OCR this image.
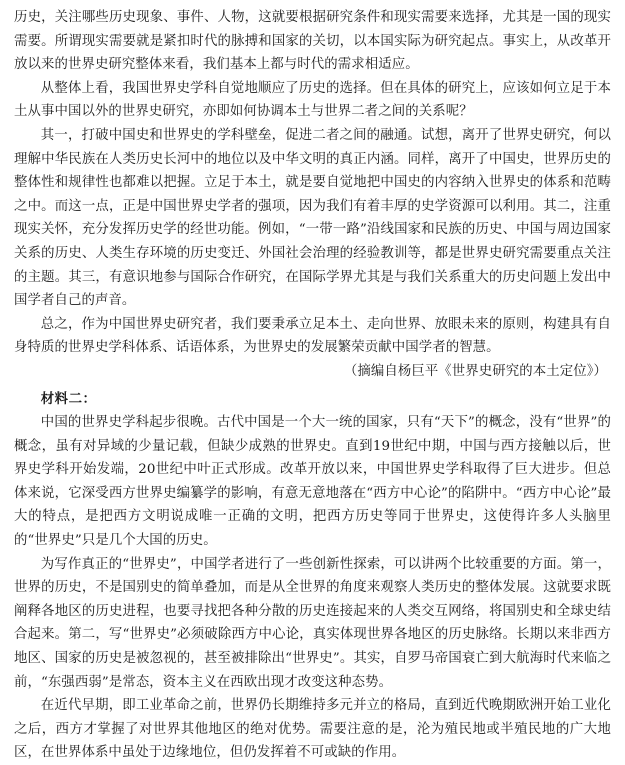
历史，关注哪些历史现象、事件、人物，这就要根据研究条件和现实需要来选择，尤其是一国的现实需要。所谓现实需要就是紧扣时代的脉搏和国家的关切，以本国实际为研究起点。事实上，从改革开放以来的世界史研究整体来看，我们基本上都与时代的需求相适应。

从整体上看，我国世界史学科自觉地顺应了历史的选择。但在具体的研究上，应该如何立足于本土从事中国以外的世界史研究，亦即如何协调本土与世界二者之间的关系呢？

其一，打破中国史和世界史的学科壁垒，促进二者之间的融通。试想，离开了世界史研究，何以理解中华民族在人类历史长河中的地位以及中华文明的真正内涵。同样，离开了中国史，世界历史的整体性和规律性也都难以把握。立足于本土，就是要自觉地把中国史的内容纳入世界史的体系和范畴之中。而这一点，正是中国世界史学者的强项，因为我们有着丰厚的史学资源可以利用。其二，注重现实关怀，充分发挥历史学的经世功能。例如，“一带一路”沿线国家和民族的历史、中国与周边国家关系的历史、人类生存环境的历史变迁、外国社会治理的经验教训等，都是世界史研究需要重点关注的主题。其三，有意识地参与国际合作研究，在国际学界尤其是与我们关系重大的历史问题上发出中国学者自己的声音。

总之，作为中国世界史研究者，我们要秉承立足本土、走向世界、放眼未来的原则，构建具有自身特质的世界史学科体系、话语体系，为世界史的发展繁荣贡献中国学者的智慧。

（摘编自杨巨平《世界史研究的本土定位》）

材料二：

中国的世界史学科起步很晚。古代中国是一个大一统的国家，只有“天下”的概念，没有“世界”的概念，虽有对异域的少量记载，但缺少成熟的世界史。直到19世纪中期，中国与西方接触以后，世界史学科开始发端，20世纪中叶正式形成。改革开放以来，中国世界史学科取得了巨大进步。但总体来说，它深受西方世界史编纂学的影响，有意无意地落在“西方中心论”的陷阱中。“西方中心论”最大的特点，是把西方文明说成唯一正确的文明，把西方历史等同于世界史，这使得许多人头脑里的“世界史”只是几个大国的历史。

为写作真正的“世界史”，中国学者进行了一些创新性探索，可以讲两个比较重要的方面。第一，世界的历史，不是国别史的简单叠加，而是从全世界的角度来观察人类历史的整体发展。这就要求既阐释各地区的历史进程，也要寻找把各种分散的历史连接起来的人类交互网络，将国别史和全球史结合起来。第二，写“世界史”必须破除西方中心论，真实体现世界各地区的历史脉络。长期以来非西方地区、国家的历史是被忽视的，甚至被排除出“世界史”。其实，自罗马帝国衰亡到大航海时代来临之前，“东强西弱”是常态，资本主义在西欧出现才改变这种态势。

在近代早期，即工业革命之前，世界仍长期维持多元并立的格局，直到近代晚期欧洲开始工业化之后，西方才掌握了对世界其他地区的绝对优势。需要注意的是，沦为殖民地或半殖民地的广大地区，在世界体系中虽处于边缘地位，但仍发挥着不可或缺的作用。
